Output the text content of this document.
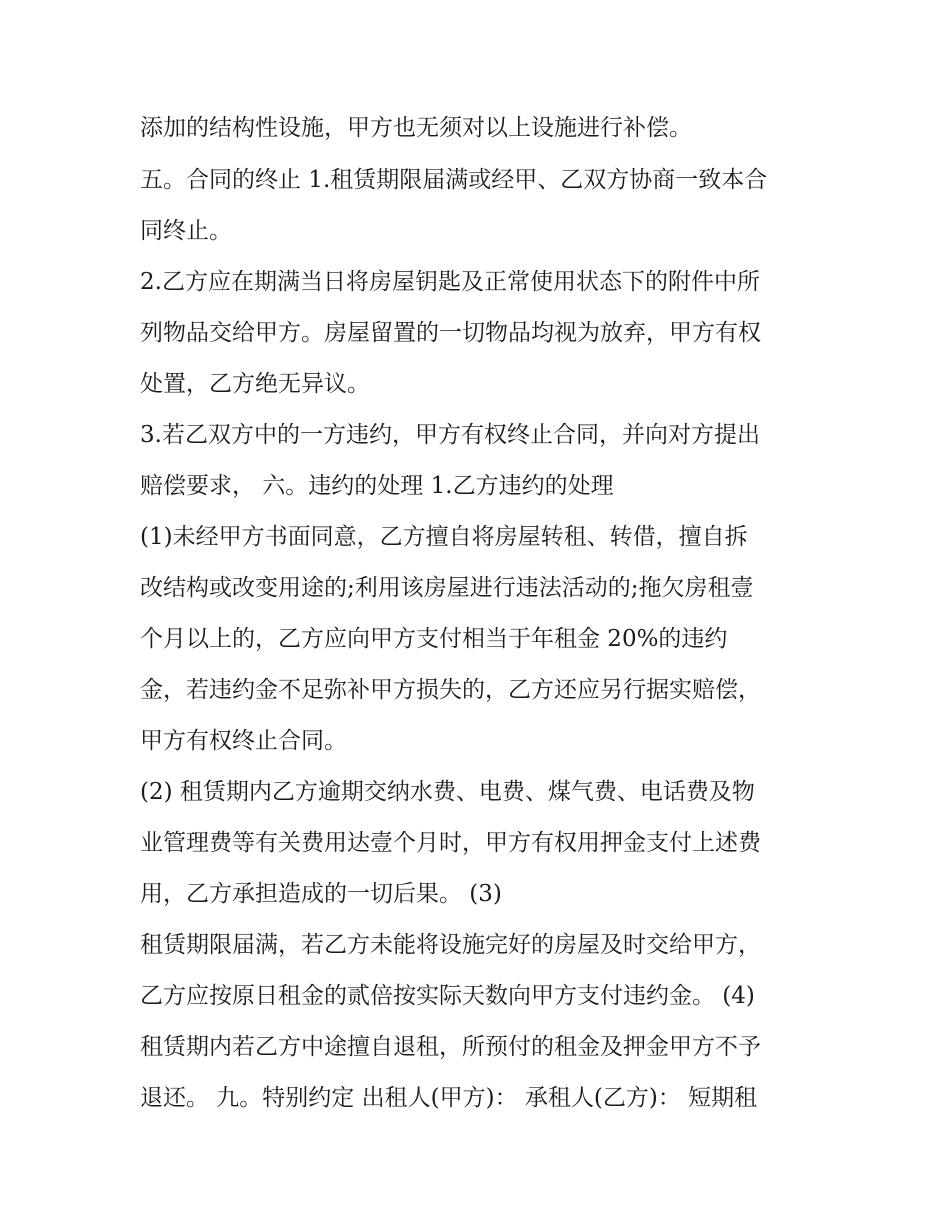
添加的结构性设施，甲方也无须对以上设施进行补偿。
五。合同的终止 1.租赁期限届满或经甲、乙双方协商一致本合
同终止。
2.乙方应在期满当日将房屋钥匙及正常使用状态下的附件中所
列物品交给甲方。房屋留置的一切物品均视为放弃，甲方有权
处置，乙方绝无异议。
3.若乙双方中的一方违约，甲方有权终止合同，并向对方提出
赔偿要求， 六。违约的处理 1.乙方违约的处理
(1)未经甲方书面同意，乙方擅自将房屋转租、转借，擅自拆
改结构或改变用途的;利用该房屋进行违法活动的;拖欠房租壹
个月以上的，乙方应向甲方支付相当于年租金 20%的违约
金，若违约金不足弥补甲方损失的，乙方还应另行据实赔偿，
甲方有权终止合同。
(2) 租赁期内乙方逾期交纳水费、电费、煤气费、电话费及物
业管理费等有关费用达壹个月时，甲方有权用押金支付上述费
用，乙方承担造成的一切后果。 (3)
租赁期限届满，若乙方未能将设施完好的房屋及时交给甲方，
乙方应按原日租金的贰倍按实际天数向甲方支付违约金。 (4)
租赁期内若乙方中途擅自退租，所预付的租金及押金甲方不予
退还。 九。特别约定 出租人(甲方)： 承租人(乙方)： 短期租
